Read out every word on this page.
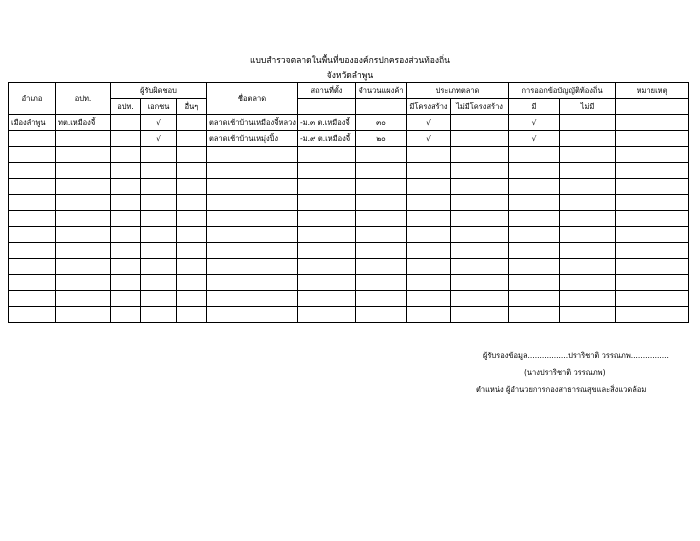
แบบสำรวจตลาดในพื้นที่ขององค์กรปกครองส่วนท้องถิ่น
จังหวัดลำพูน
อำเภอ	อปท.	ผู้รับผิดชอบ			ชื่อตลาด	สถานที่ตั้ง	จำนวนแผงค้า	ประเภทตลาด		การออกข้อบัญญัติท้องถิ่น		หมายเหตุ
		อปท.	เอกชน	อื่นๆ				มีโครงสร้าง	ไม่มีโครงสร้าง	มี	ไม่มี	

เมืองลำพูน	ทต.เหมืองจี้		√		ตลาดเช้าบ้านเหมืองจี้หลวง	-ม.๓ ต.เหมืองจี้	๓๐	√		√		
			√		ตลาดเช้าบ้านเหมุ่งปิ้ง	-ม.๙ ต.เหมืองจี้	๒๐	√		√		

ผู้รับรองข้อมูล.................ปราริชาติ วรรณภพ................
(นางปราริชาติ วรรณภพ)
ตำแหน่ง ผู้อำนวยการกองสาธารณสุขและสิ่งแวดล้อม
